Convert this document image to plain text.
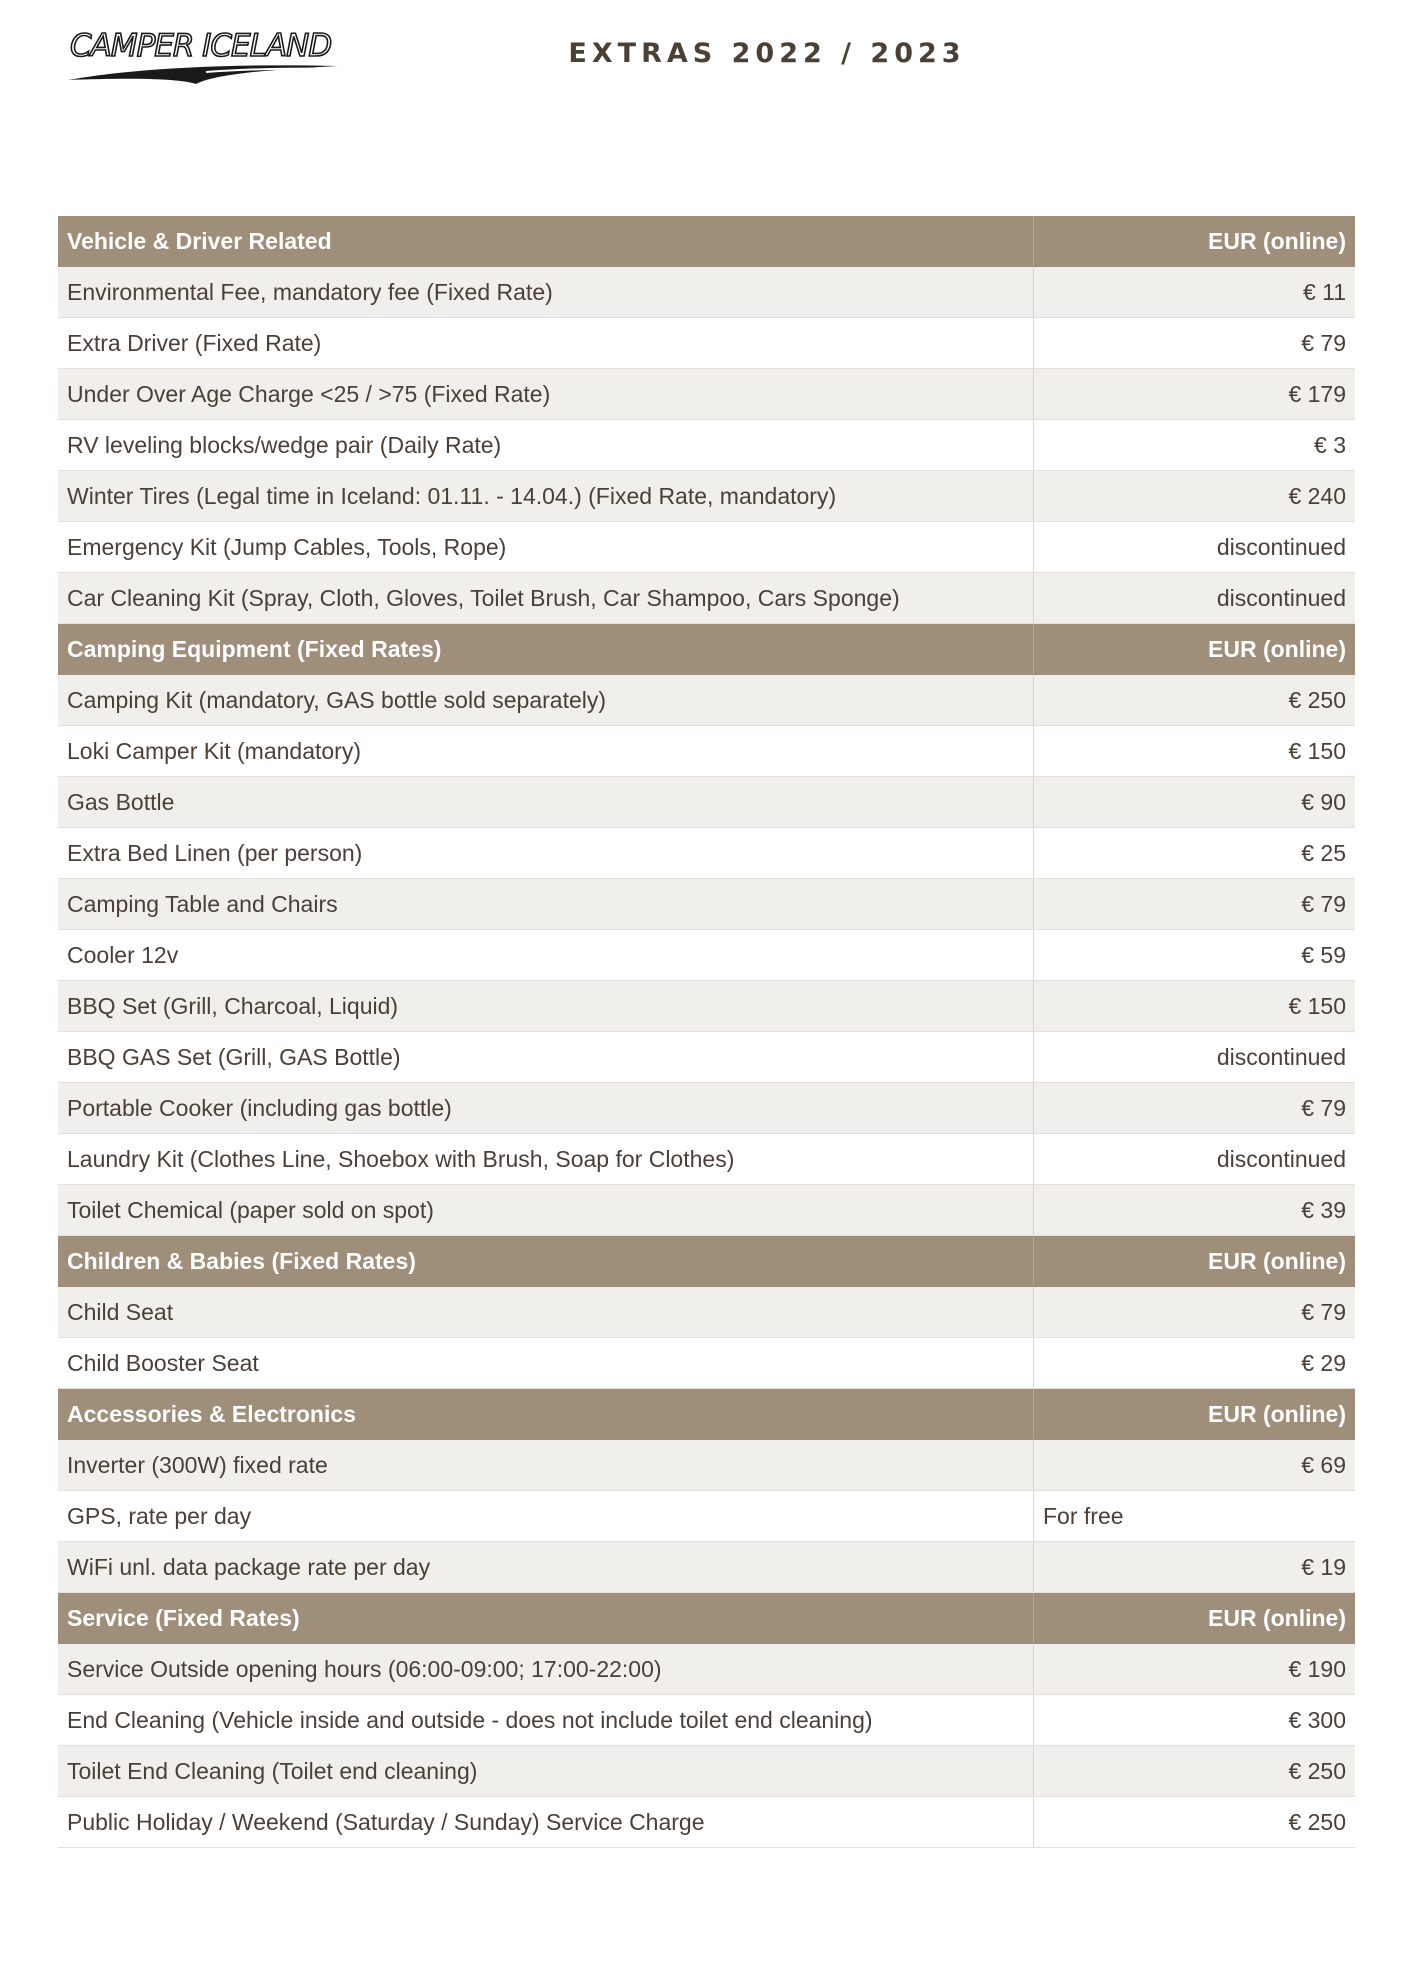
CAMPER ICELAND	EXTRAS 2022 / 2023
Vehicle & Driver Related	EUR (online)
Environmental Fee, mandatory fee (Fixed Rate)	€ 11
Extra Driver (Fixed Rate)	€ 79
Under Over Age Charge <25 / >75 (Fixed Rate)	€ 179
RV leveling blocks/wedge pair (Daily Rate)	€ 3
Winter Tires (Legal time in Iceland: 01.11. - 14.04.) (Fixed Rate, mandatory)	€ 240
Emergency Kit (Jump Cables, Tools, Rope)	discontinued
Car Cleaning Kit (Spray, Cloth, Gloves, Toilet Brush, Car Shampoo, Cars Sponge)	discontinued
Camping Equipment (Fixed Rates)	EUR (online)
Camping Kit (mandatory, GAS bottle sold separately)	€ 250
Loki Camper Kit (mandatory)	€ 150
Gas Bottle	€ 90
Extra Bed Linen (per person)	€ 25
Camping Table and Chairs	€ 79
Cooler 12v	€ 59
BBQ Set (Grill, Charcoal, Liquid)	€ 150
BBQ GAS Set (Grill, GAS Bottle)	discontinued
Portable Cooker (including gas bottle)	€ 79
Laundry Kit (Clothes Line, Shoebox with Brush, Soap for Clothes)	discontinued
Toilet Chemical (paper sold on spot)	€ 39
Children & Babies (Fixed Rates)	EUR (online)
Child Seat	€ 79
Child Booster Seat	€ 29
Accessories & Electronics	EUR (online)
Inverter (300W) fixed rate	€ 69
GPS, rate per day	For free
WiFi unl. data package rate per day	€ 19
Service (Fixed Rates)	EUR (online)
Service Outside opening hours (06:00-09:00; 17:00-22:00)	€ 190
End Cleaning (Vehicle inside and outside - does not include toilet end cleaning)	€ 300
Toilet End Cleaning (Toilet end cleaning)	€ 250
Public Holiday / Weekend (Saturday / Sunday) Service Charge	€ 250
